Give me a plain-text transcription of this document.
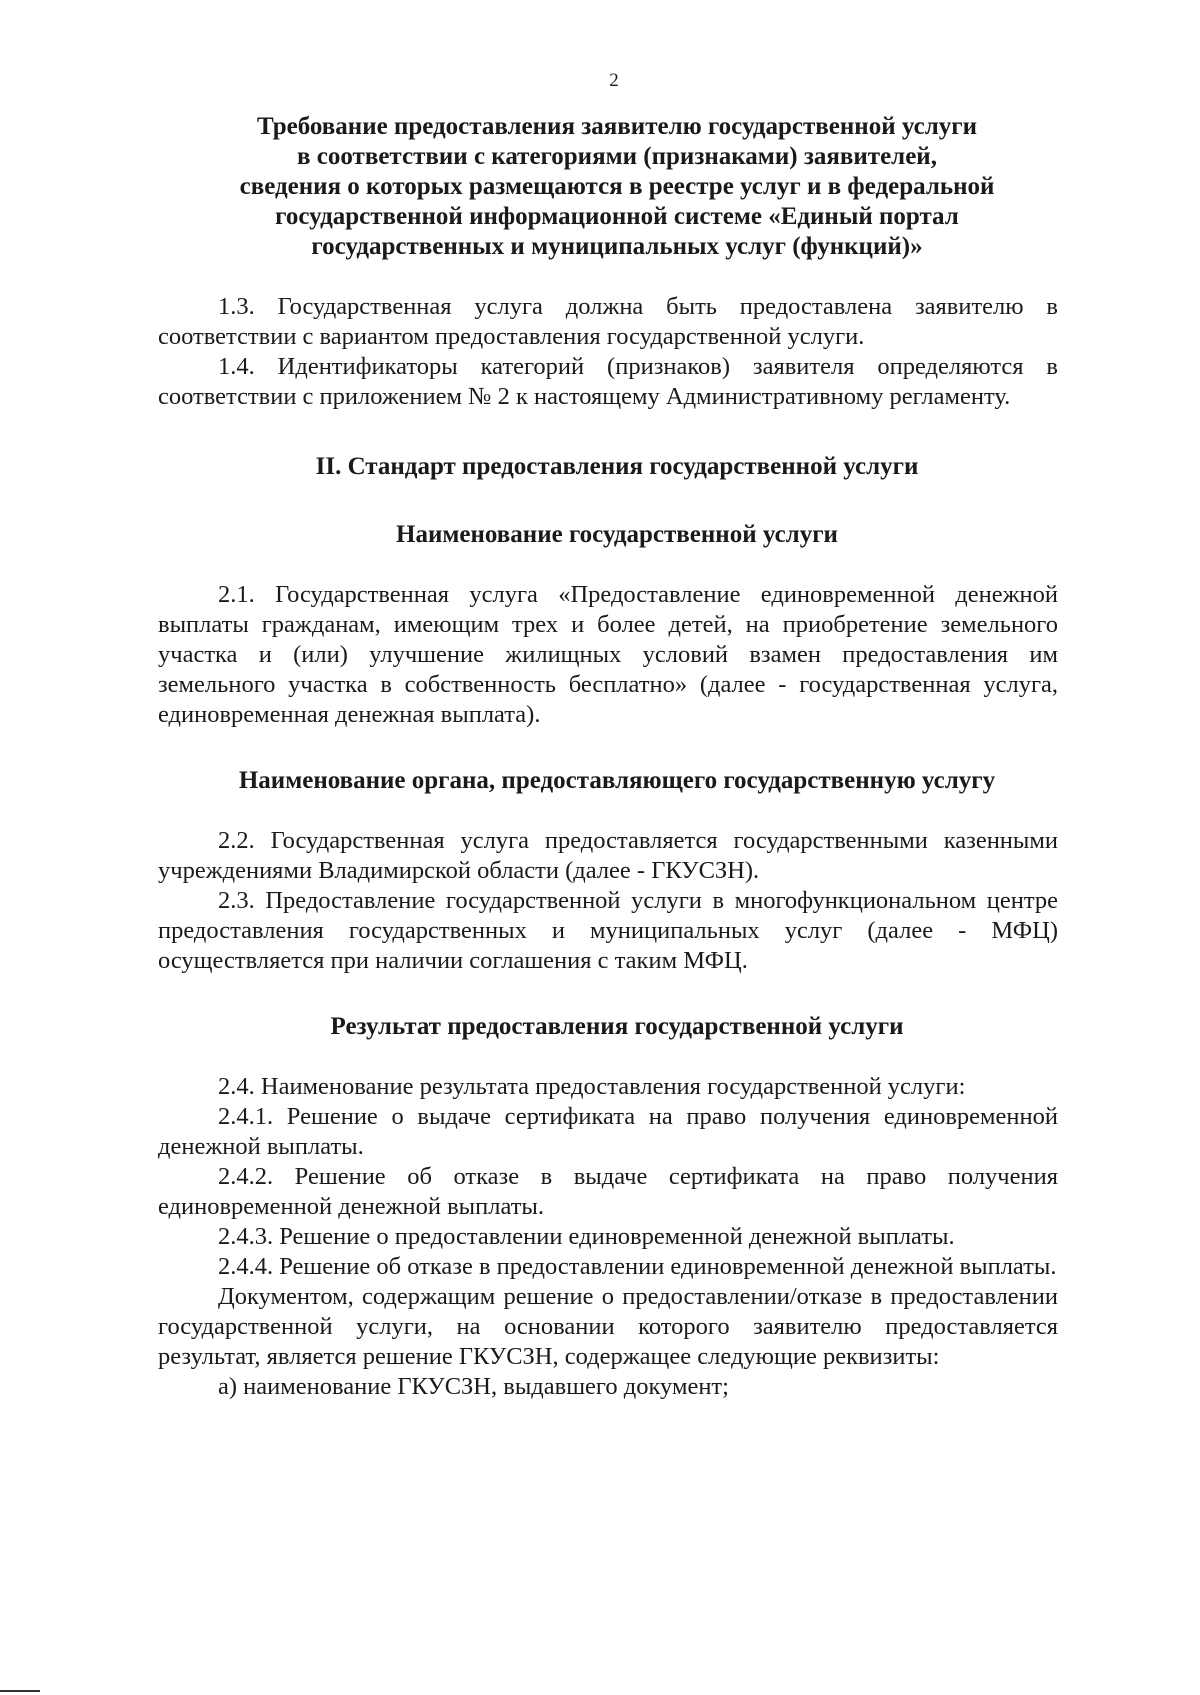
2
Требование предоставления заявителю государственной услуги
в соответствии с категориями (признаками) заявителей,
сведения о которых размещаются в реестре услуг и в федеральной
государственной информационной системе «Единый портал
государственных и муниципальных услуг (функций)»

1.3. Государственная услуга должна быть предоставлена заявителю в соответствии с вариантом предоставления государственной услуги.

1.4. Идентификаторы категорий (признаков) заявителя определяются в соответствии с приложением № 2 к настоящему Административному регламенту.

II. Стандарт предоставления государственной услуги
Наименование государственной услуги

2.1. Государственная услуга «Предоставление единовременной денежной выплаты гражданам, имеющим трех и более детей, на приобретение земельного участка и (или) улучшение жилищных условий взамен предоставления им земельного участка в собственность бесплатно» (далее - государственная услуга, единовременная денежная выплата).

Наименование органа, предоставляющего государственную услугу

2.2. Государственная услуга предоставляется государственными казенными учреждениями Владимирской области (далее - ГКУСЗН).

2.3. Предоставление государственной услуги в многофункциональном центре предоставления государственных и муниципальных услуг (далее - МФЦ) осуществляется при наличии соглашения с таким МФЦ.

Результат предоставления государственной услуги

2.4. Наименование результата предоставления государственной услуги:

2.4.1. Решение о выдаче сертификата на право получения единовременной денежной выплаты.

2.4.2. Решение об отказе в выдаче сертификата на право получения единовременной денежной выплаты.

2.4.3. Решение о предоставлении единовременной денежной выплаты.

2.4.4. Решение об отказе в предоставлении единовременной денежной выплаты.

Документом, содержащим решение о предоставлении/отказе в предоставлении государственной услуги, на основании которого заявителю предоставляется результат, является решение ГКУСЗН, содержащее следующие реквизиты:

а) наименование ГКУСЗН, выдавшего документ;
